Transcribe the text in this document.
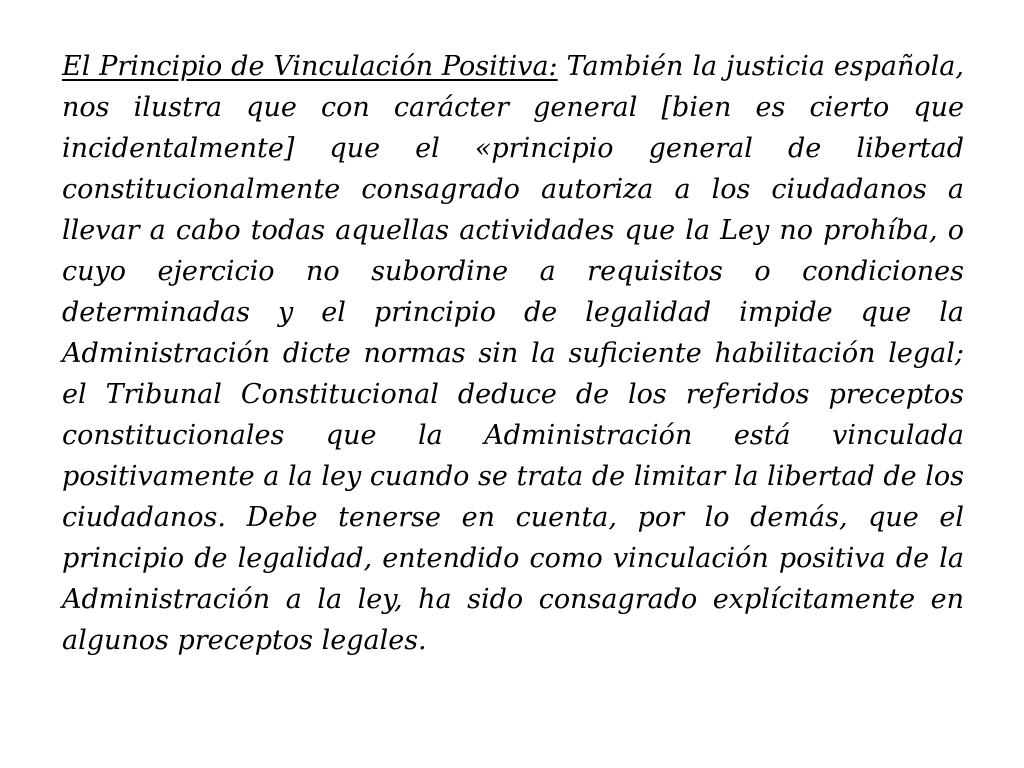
El Principio de Vinculación Positiva: También la justicia española, nos ilustra que con carácter general [bien es cierto que incidentalmente] que el «principio general de libertad constitucionalmente consagrado autoriza a los ciudadanos a llevar a cabo todas aquellas actividades que la Ley no prohíba, o cuyo ejercicio no subordine a requisitos o condiciones determinadas y el principio de legalidad impide que la Administración dicte normas sin la suficiente habilitación legal; el Tribunal Constitucional deduce de los referidos preceptos constitucionales que la Administración está vinculada positivamente a la ley cuando se trata de limitar la libertad de los ciudadanos. Debe tenerse en cuenta, por lo demás, que el principio de legalidad, entendido como vinculación positiva de la Administración a la ley, ha sido consagrado explícitamente en algunos preceptos legales.
